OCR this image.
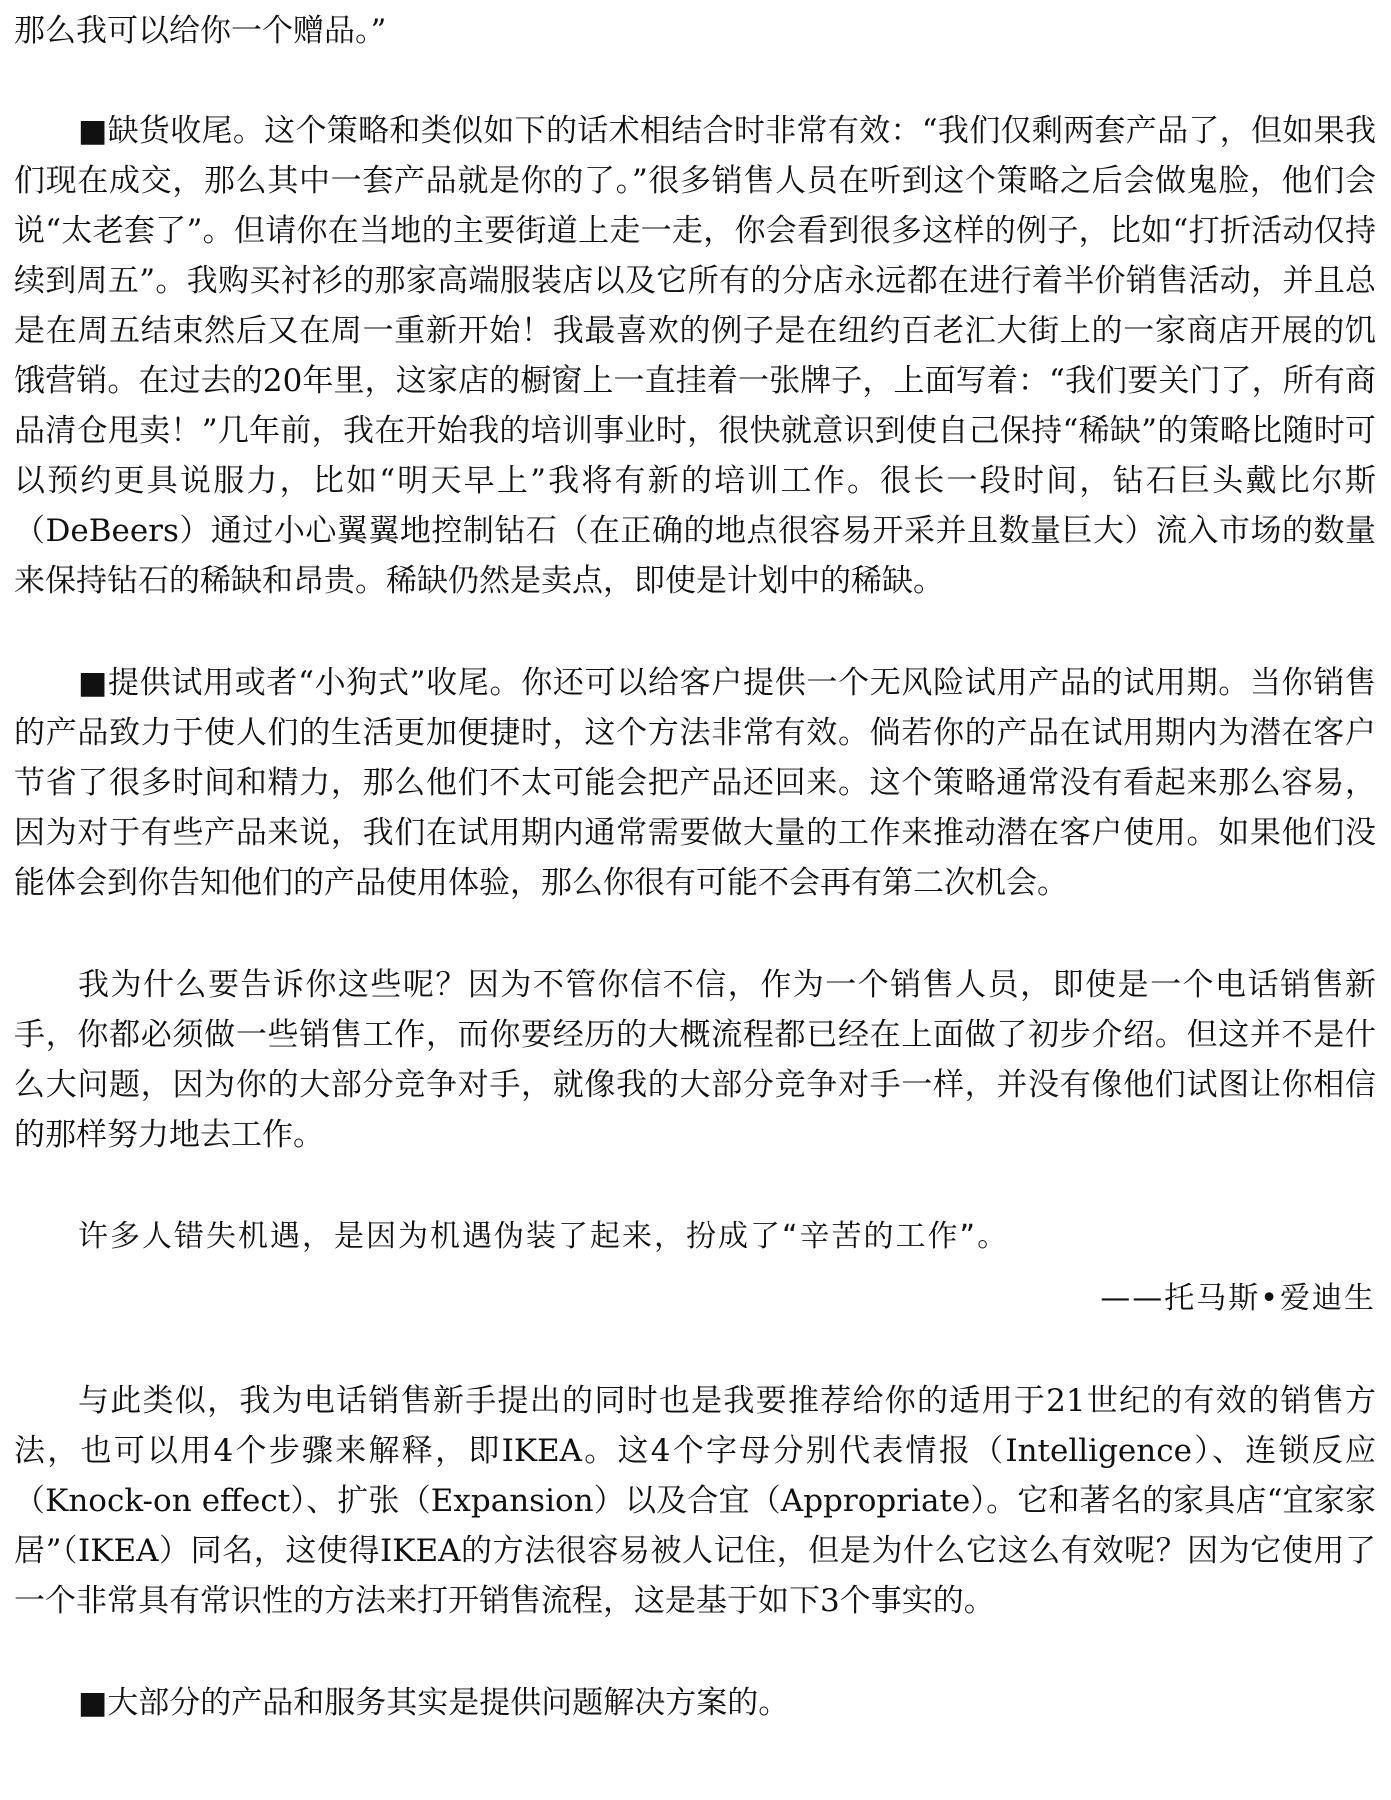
那么我可以给你一个赠品。”

■缺货收尾。这个策略和类似如下的话术相结合时非常有效：“我们仅剩两套产品了，但如果我们现在成交，那么其中一套产品就是你的了。”很多销售人员在听到这个策略之后会做鬼脸，他们会说“太老套了”。但请你在当地的主要街道上走一走，你会看到很多这样的例子，比如“打折活动仅持续到周五”。我购买衬衫的那家高端服装店以及它所有的分店永远都在进行着半价销售活动，并且总是在周五结束然后又在周一重新开始！我最喜欢的例子是在纽约百老汇大街上的一家商店开展的饥饿营销。在过去的20年里，这家店的橱窗上一直挂着一张牌子，上面写着：“我们要关门了，所有商品清仓甩卖！”几年前，我在开始我的培训事业时，很快就意识到使自己保持“稀缺”的策略比随时可以预约更具说服力，比如“明天早上”我将有新的培训工作。很长一段时间，钻石巨头戴比尔斯（DeBeers）通过小心翼翼地控制钻石（在正确的地点很容易开采并且数量巨大）流入市场的数量来保持钻石的稀缺和昂贵。稀缺仍然是卖点，即使是计划中的稀缺。

■提供试用或者“小狗式”收尾。你还可以给客户提供一个无风险试用产品的试用期。当你销售的产品致力于使人们的生活更加便捷时，这个方法非常有效。倘若你的产品在试用期内为潜在客户节省了很多时间和精力，那么他们不太可能会把产品还回来。这个策略通常没有看起来那么容易，因为对于有些产品来说，我们在试用期内通常需要做大量的工作来推动潜在客户使用。如果他们没能体会到你告知他们的产品使用体验，那么你很有可能不会再有第二次机会。

我为什么要告诉你这些呢？因为不管你信不信，作为一个销售人员，即使是一个电话销售新手，你都必须做一些销售工作，而你要经历的大概流程都已经在上面做了初步介绍。但这并不是什么大问题，因为你的大部分竞争对手，就像我的大部分竞争对手一样，并没有像他们试图让你相信的那样努力地去工作。

许多人错失机遇，是因为机遇伪装了起来，扮成了“辛苦的工作”。

——托马斯•爱迪生

与此类似，我为电话销售新手提出的同时也是我要推荐给你的适用于21世纪的有效的销售方法，也可以用4个步骤来解释，即IKEA。这4个字母分别代表情报（Intelligence）、连锁反应（Knock-on effect）、扩张（Expansion）以及合宜（Appropriate）。它和著名的家具店“宜家家居”（IKEA）同名，这使得IKEA的方法很容易被人记住，但是为什么它这么有效呢？因为它使用了一个非常具有常识性的方法来打开销售流程，这是基于如下3个事实的。

■大部分的产品和服务其实是提供问题解决方案的。
